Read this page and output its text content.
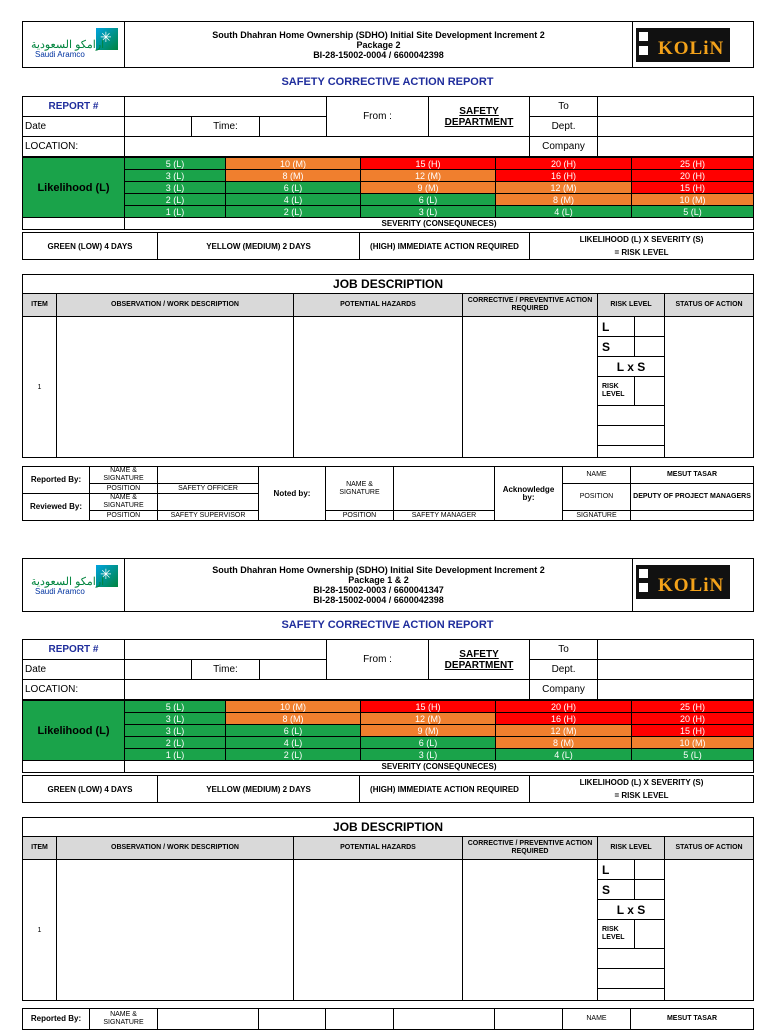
✳
ارامكو السعودية
Saudi Aramco

South Dhahran Home Ownership (SDHO) Initial Site Development Increment 2
Package 2
BI-28-15002-0004 / 6600042398	KOLiN
SAFETY CORRECTIVE ACTION REPORT
REPORT #				From :	SAFETY DEPARTMENT	To	
Date		Time:				Dept.	
LOCATION:						Company	
Likelihood (L)	5 (L)	10 (M)	15 (H)	20 (H)	25 (H)
	3 (L)	8 (M)	12 (M)	16 (H)	20 (H)
	3 (L)	6 (L)	9 (M)	12 (M)	15 (H)
	2 (L)	4 (L)	6 (L)	8 (M)	10 (M)
	1 (L)	2 (L)	3 (L)	4 (L)	5 (L)
	SEVERITY (CONSEQUNECES)				
GREEN (LOW) 4 DAYS	YELLOW (MEDIUM) 2 DAYS	(HIGH) IMMEDIATE ACTION REQUIRED	
LIKELIHOOD (L) X SEVERITY (S)
= RISK LEVEL
JOB DESCRIPTION
ITEM	OBSERVATION / WORK DESCRIPTION	POTENTIAL HAZARDS	CORRECTIVE / PREVENTIVE ACTION REQUIRED	RISK LEVEL	STATUS OF ACTION
1				
L	
S	
L x S
RISK LEVEL	

Reported By:	NAME & SIGNATURE		Noted by:	NAME & SIGNATURE		Acknowledge by:	NAME	MESUT TASAR
	POSITION	SAFETY OFFICER					POSITION	DEPUTY OF PROJECT MANAGERS
Reviewed By:	NAME & SIGNATURE							
	POSITION	SAFETY SUPERVISOR		POSITION	SAFETY MANAGER		SIGNATURE	
✳
ارامكو السعودية
Saudi Aramco

South Dhahran Home Ownership (SDHO) Initial Site Development Increment 2
Package 1 & 2
BI-28-15002-0003 / 6600041347
BI-28-15002-0004 / 6600042398

KOLiN
SAFETY CORRECTIVE ACTION REPORT
REPORT #				From :	SAFETY DEPARTMENT	To	
Date		Time:				Dept.	
LOCATION:						Company	
Likelihood (L)	5 (L)	10 (M)	15 (H)	20 (H)	25 (H)
	3 (L)	8 (M)	12 (M)	16 (H)	20 (H)
	3 (L)	6 (L)	9 (M)	12 (M)	15 (H)
	2 (L)	4 (L)	6 (L)	8 (M)	10 (M)
	1 (L)	2 (L)	3 (L)	4 (L)	5 (L)
	SEVERITY (CONSEQUNECES)				
GREEN (LOW) 4 DAYS	YELLOW (MEDIUM) 2 DAYS	(HIGH) IMMEDIATE ACTION REQUIRED	
LIKELIHOOD (L) X SEVERITY (S)
= RISK LEVEL
JOB DESCRIPTION
ITEM	OBSERVATION / WORK DESCRIPTION	POTENTIAL HAZARDS	CORRECTIVE / PREVENTIVE ACTION REQUIRED	RISK LEVEL	STATUS OF ACTION
1				
L	
S	
L x S
RISK LEVEL	

Reported By:	NAME & SIGNATURE						NAME	MESUT TASAR
